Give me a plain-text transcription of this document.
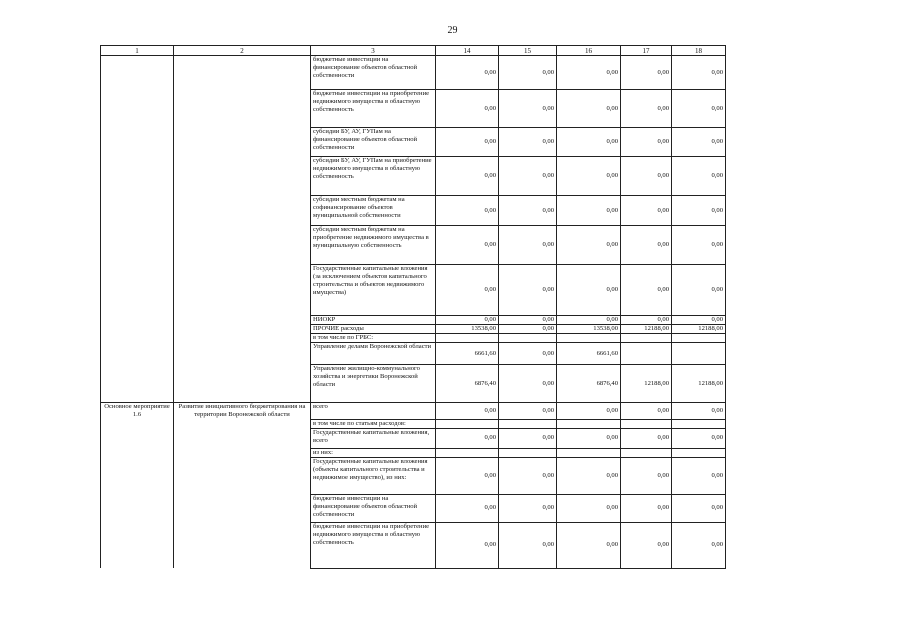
29
1	2	3	14	15	16	17	18
		бюджетные инвестиции на финансирование объектов областной собственности	0,00	0,00	0,00	0,00	0,00
		бюджетные инвестиции на приобретение недвижимого имущества в областную собственность	0,00	0,00	0,00	0,00	0,00
		субсидии БУ, АУ, ГУПам на финансирование объектов областной собственности	0,00	0,00	0,00	0,00	0,00
		субсидии БУ, АУ, ГУПам на приобретение недвижимого имущества в областную собственность	0,00	0,00	0,00	0,00	0,00
		субсидии местным бюджетам на софинансирование объектов муниципальной собственности	0,00	0,00	0,00	0,00	0,00
		субсидии местным бюджетам на приобретение недвижимого имущества в муниципальную собственность	0,00	0,00	0,00	0,00	0,00
		Государственные капитальные вложения (за исключением объектов капитального строительства и объектов недвижимого имущества)	0,00	0,00	0,00	0,00	0,00
		НИОКР	0,00	0,00	0,00	0,00	0,00
		ПРОЧИЕ расходы	13538,00	0,00	13538,00	12188,00	12188,00
		в том числе по ГРБС:					
		Управление делами Воронежской области	6661,60	0,00	6661,60		
		Управление жилищно-коммунального хозяйства и энергетики Воронежской области	6876,40	0,00	6876,40	12188,00	12188,00
Основное мероприятие 1.6	Развитие инициативного бюджетирования на территории Воронежской области	всего	0,00	0,00	0,00	0,00	0,00
		в том числе по статьям расходов:					
		Государственные капитальные вложения, всего	0,00	0,00	0,00	0,00	0,00
		из них:					
		Государственные капитальные вложения (объекты капитального строительства и недвижимое имущество), из них:	0,00	0,00	0,00	0,00	0,00
		бюджетные инвестиции на финансирование объектов областной собственности	0,00	0,00	0,00	0,00	0,00
		бюджетные инвестиции на приобретение недвижимого имущества в областную собственность	0,00	0,00	0,00	0,00	0,00
